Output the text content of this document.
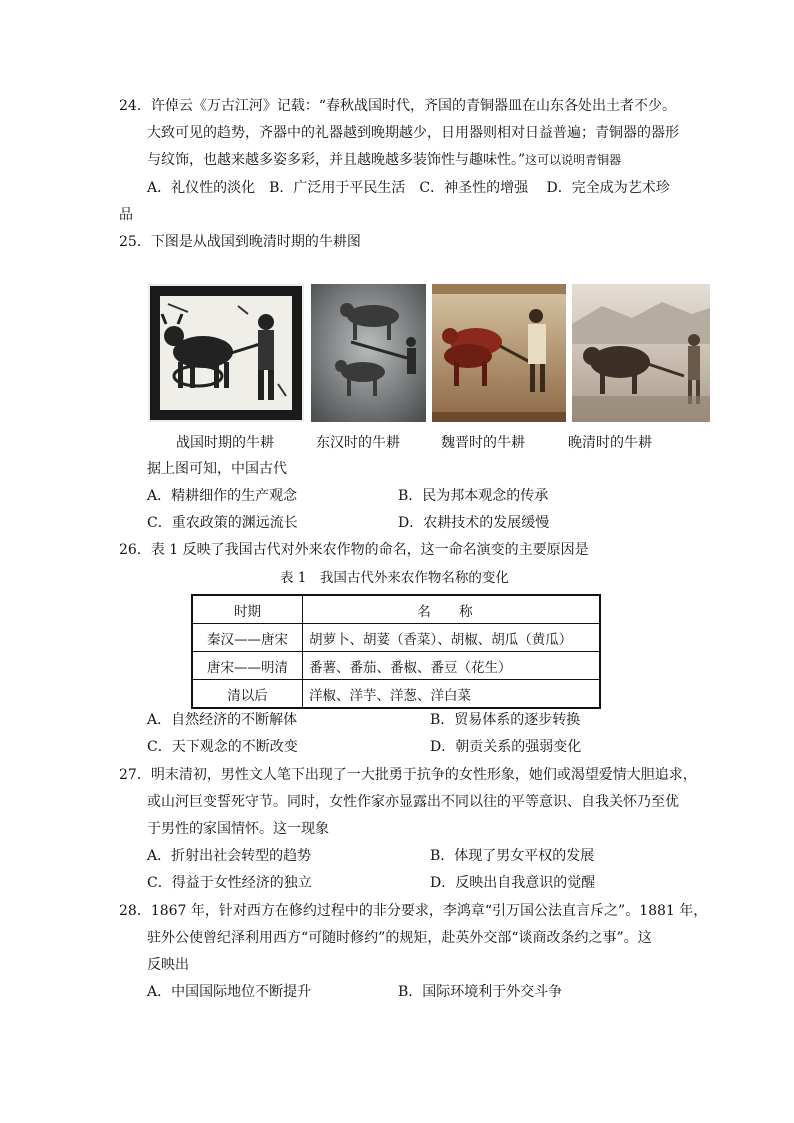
24．许倬云《万古江河》记载：“春秋战国时代，齐国的青铜器皿在山东各处出土者不少。
大致可见的趋势，齐器中的礼器越到晚期越少，日用器则相对日益普遍；青铜器的器形
与纹饰，也越来越多姿多彩，并且越晚越多装饰性与趣味性。”这可以说明青铜器
A．礼仪性的淡化　B．广泛用于平民生活　C．神圣性的增强　 D．完全成为艺术珍
品
25．下图是从战国到晚清时期的牛耕图
战国时期的牛耕	东汉时的牛耕	魏晋时的牛耕	晚清时的牛耕
据上图可知，中国古代
A．精耕细作的生产观念	B．民为邦本观念的传承
C．重农政策的渊远流长	D．农耕技术的发展缓慢
26．表 1 反映了我国古代对外来农作物的命名，这一命名演变的主要原因是
表 1　我国古代外来农作物名称的变化
时期	名 称
秦汉——唐宋	胡萝卜、胡荽（香菜）、胡椒、胡瓜（黄瓜）
唐宋——明清	番薯、番茄、番椒、番豆（花生）
清以后	洋椒、洋芋、洋葱、洋白菜
A．自然经济的不断解体	B．贸易体系的逐步转换
C．天下观念的不断改变	D．朝贡关系的强弱变化
27．明末清初，男性文人笔下出现了一大批勇于抗争的女性形象，她们或渴望爱情大胆追求，
或山河巨变誓死守节。同时，女性作家亦显露出不同以往的平等意识、自我关怀乃至优
于男性的家国情怀。这一现象
A．折射出社会转型的趋势	B．体现了男女平权的发展
C．得益于女性经济的独立	D．反映出自我意识的觉醒
28．1867 年，针对西方在修约过程中的非分要求，李鸿章“引万国公法直言斥之”。1881 年，
驻外公使曾纪泽利用西方“可随时修约”的规矩，赴英外交部“谈商改条约之事”。这
反映出
A．中国国际地位不断提升	B．国际环境利于外交斗争
